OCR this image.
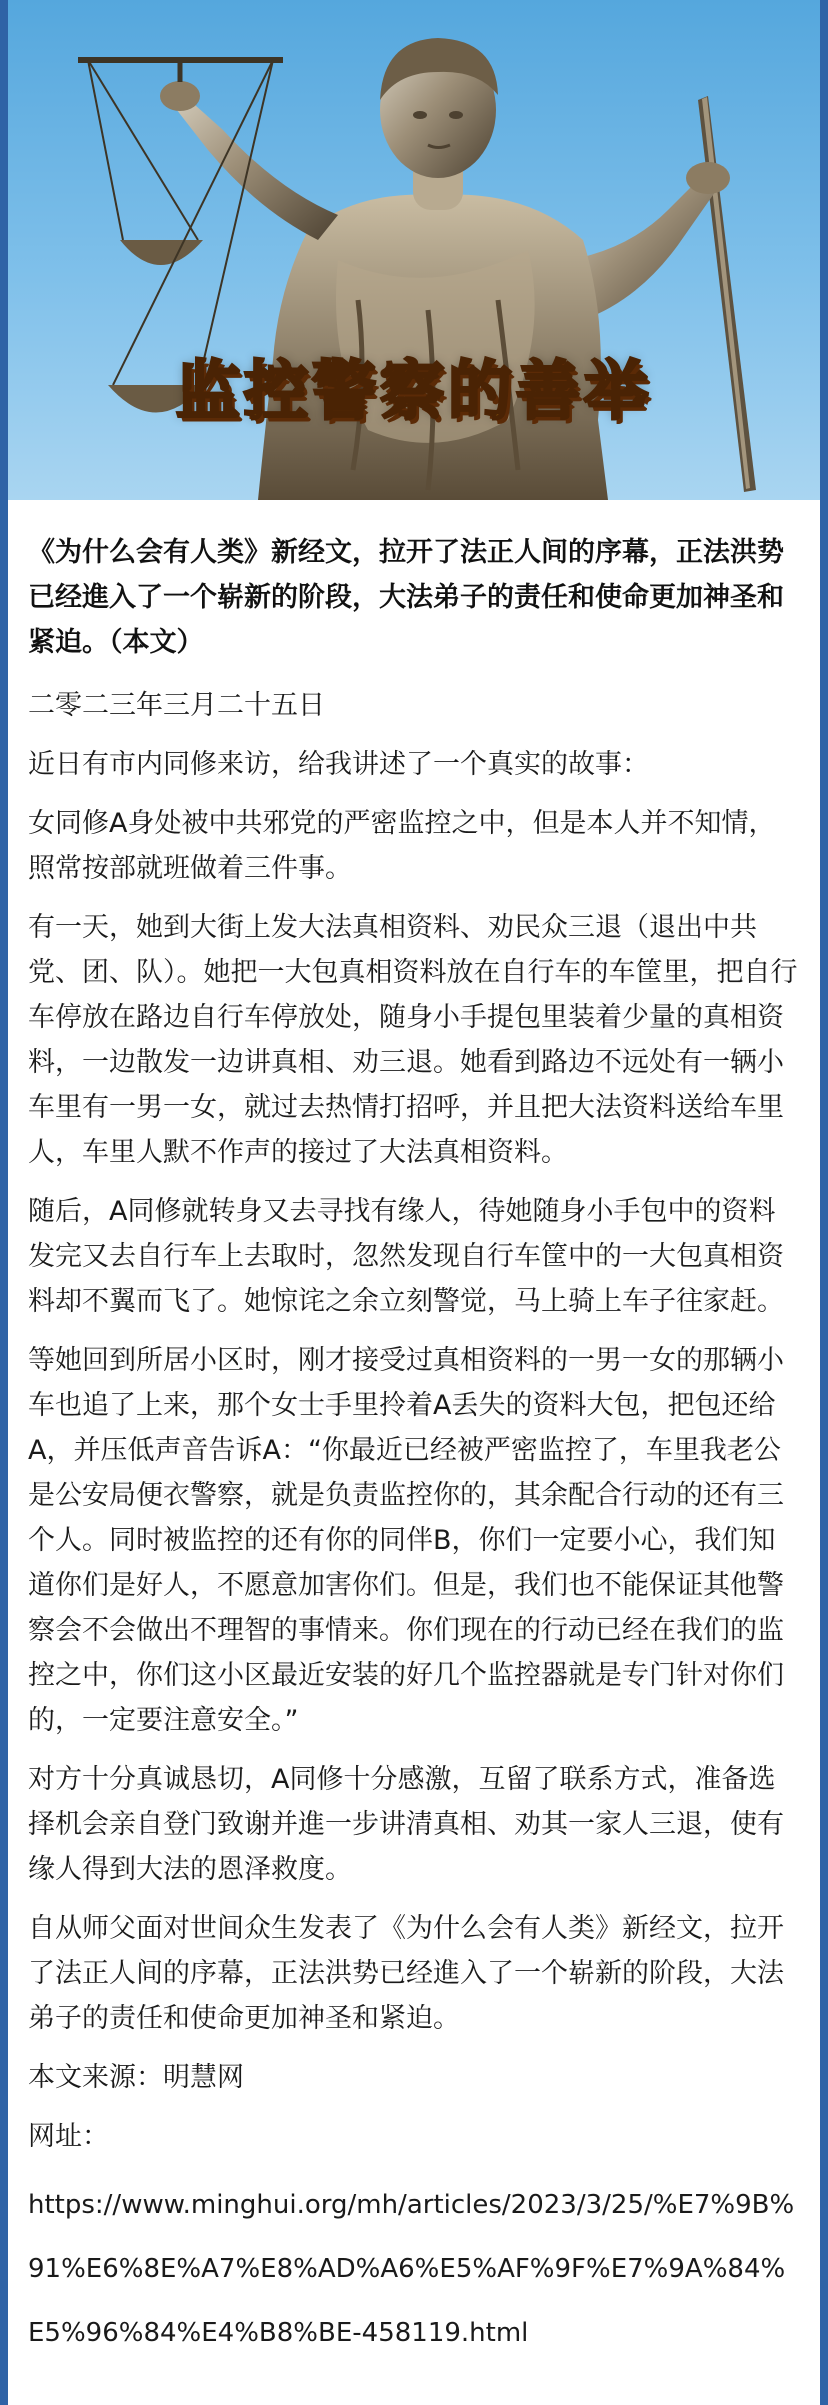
监控警察的善举

《为什么会有人类》新经文，拉开了法正人间的序幕，正法洪势已经進入了一个崭新的阶段，大法弟子的责任和使命更加神圣和紧迫。（本文）

二零二三年三月二十五日

近日有市内同修来访，给我讲述了一个真实的故事：

女同修A身处被中共邪党的严密监控之中，但是本人并不知情，照常按部就班做着三件事。

有一天，她到大街上发大法真相资料、劝民众三退（退出中共党、团、队）。她把一大包真相资料放在自行车的车筐里，把自行车停放在路边自行车停放处，随身小手提包里装着少量的真相资料，一边散发一边讲真相、劝三退。她看到路边不远处有一辆小车里有一男一女，就过去热情打招呼，并且把大法资料送给车里人，车里人默不作声的接过了大法真相资料。

随后，A同修就转身又去寻找有缘人，待她随身小手包中的资料发完又去自行车上去取时，忽然发现自行车筐中的一大包真相资料却不翼而飞了。她惊诧之余立刻警觉，马上骑上车子往家赶。

等她回到所居小区时，刚才接受过真相资料的一男一女的那辆小车也追了上来，那个女士手里拎着A丢失的资料大包，把包还给A，并压低声音告诉A：“你最近已经被严密监控了，车里我老公是公安局便衣警察，就是负责监控你的，其余配合行动的还有三个人。同时被监控的还有你的同伴B，你们一定要小心，我们知道你们是好人，不愿意加害你们。但是，我们也不能保证其他警察会不会做出不理智的事情来。你们现在的行动已经在我们的监控之中，你们这小区最近安装的好几个监控器就是专门针对你们的，一定要注意安全。”

对方十分真诚恳切，A同修十分感激，互留了联系方式，准备选择机会亲自登门致谢并進一步讲清真相、劝其一家人三退，使有缘人得到大法的恩泽救度。

自从师父面对世间众生发表了《为什么会有人类》新经文，拉开了法正人间的序幕，正法洪势已经進入了一个崭新的阶段，大法弟子的责任和使命更加神圣和紧迫。

本文来源：明慧网

网址：

https://www.minghui.org/mh/articles/2023/3/25/%E7%9B%91%E6%8E%A7%E8%AD%A6%E5%AF%9F%E7%9A%84%E5%96%84%E4%B8%BE-458119.html
